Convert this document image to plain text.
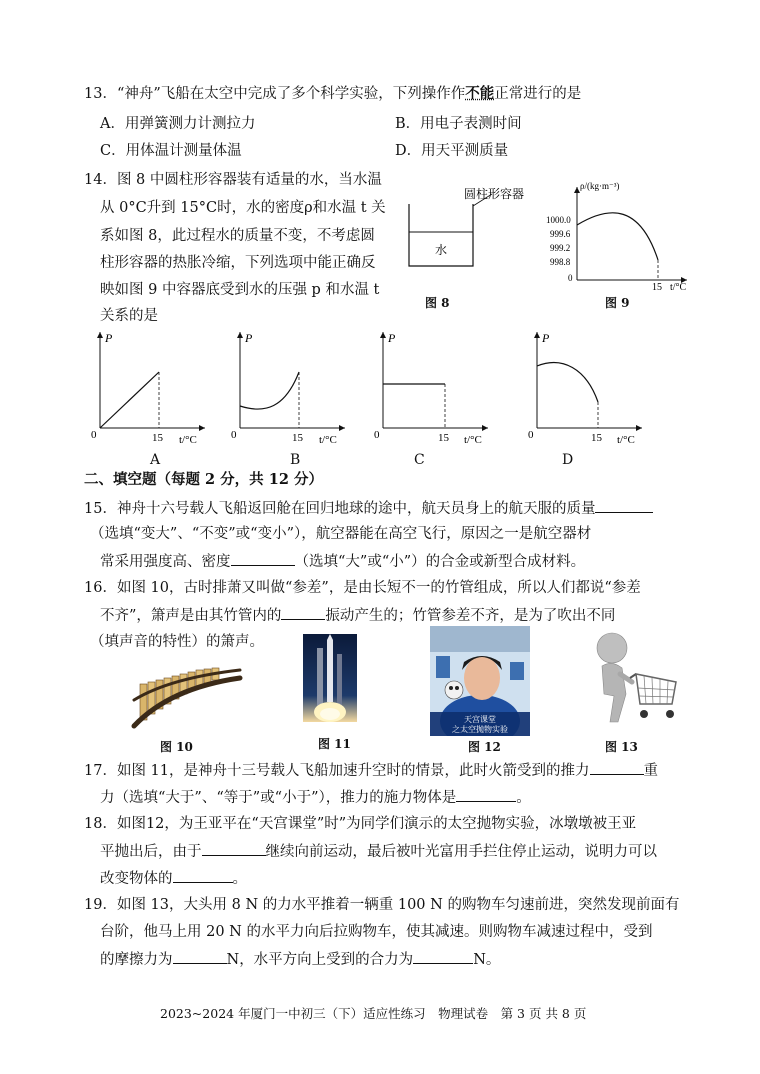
13．“神舟”飞船在太空中完成了多个科学实验，下列操作作不能正常进行的是
A．用弹簧测力计测拉力	B．用电子表测时间
C．用体温计测量体温	D．用天平测质量
14．图 8 中圆柱形容器装有适量的水，当水温
从 0°C升到 15°C时，水的密度ρ和水温 t 关
系如图 8，此过程水的质量不变，不考虑圆
柱形容器的热胀冷缩，下列选项中能正确反
映如图 9 中容器底受到水的压强 p 和水温 t
关系的是
圆柱形容器
水
图 8
ρ/(kg·m⁻³)
1000.0
999.6
999.2
998.8
0
15 t/°C
图 9
P
0	15 t/°C
A
P
0	15 t/°C
B
P
0	15 t/°C
C
P
0	15 t/°C
D
二、填空题（每题 2 分，共 12 分）
15．神舟十六号载人飞船返回舱在回归地球的途中，航天员身上的航天服的质量
（选填“变大”、“不变”或“变小”），航空器能在高空飞行，原因之一是航空器材
常采用强度高、密度	（选填“大”或“小”）的合金或新型合成材料。
16．如图 10，古时排萧又叫做“参差”，是由长短不一的竹管组成，所以人们都说“参差
不齐”，箫声是由其竹管内的	振动产生的；竹管参差不齐，是为了吹出不同
（填声音的特性）的箫声。
图 10	图 11
天宫课堂
之太空抛物实验
图 12	图 13
17．如图 11，是神舟十三号载人飞船加速升空时的情景，此时火箭受到的推力	重
力（选填“大于”、“等于”或“小于”），推力的施力物体是	。
18．如图12，为王亚平在“天宫课堂”时”为同学们演示的太空抛物实验，冰墩墩被王亚
平抛出后，由于	继续向前运动，最后被叶光富用手拦住停止运动，说明力可以
改变物体的	。
19．如图 13，大头用 8 N 的力水平推着一辆重 100 N 的购物车匀速前进，突然发现前面有
台阶，他马上用 20 N 的水平力向后拉购物车，使其减速。则购物车减速过程中，受到
的摩擦力为	N，水平方向上受到的合力为	N。
2023~2024 年厦门一中初三（下）适应性练习　物理试卷　第 3 页 共 8 页
